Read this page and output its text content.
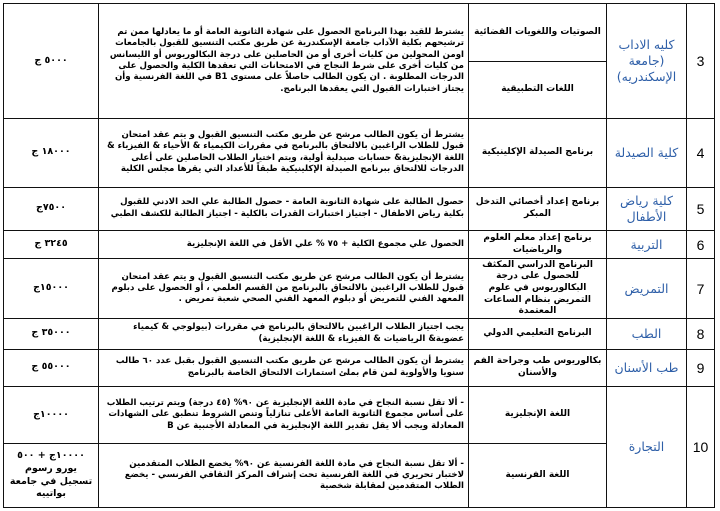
3	كليه الاداب (جامعة الإسكندريه)	الصوتيات واللغويات القضائية
اللغات التطبيقية	يشترط للقيد بهذا البرنامج الحصول على شهادة الثانوية العامة أو ما يعادلها ممن تم ترشيحهم بكلية الآداب جامعة الإسكندرية عن طريق مكتب التنسيق للقبول بالجامعات اومن المحولين من كليات أخرى أو من الحاصلين على درجة البكالوريوس أو الليسانس من كليات أخرى على شرط النجاح في الامتحانات التي تعقدها الكلية والحصول على الدرجات المطلوبة . ان يكون الطالب حاصلاً على مستوى B1 في اللغة الفرنسية وأن يجتاز اختبارات القبول التي يعقدها البرنامج.	٥٠٠٠ ج
4	كلية الصيدلة	برنامج الصيدلة الإكلينيكية	يشترط أن يكون الطالب مرشح عن طريق مكتب التنسيق القبول و يتم عقد امتحان قبول للطلاب الراغبين بالالتحاق بالبرنامج في مقررات الكيمياء & الأحياء & الفيزياء & اللغة الإنجليزية& حسابات صيدلية أولية، ويتم اختيار الطلاب الحاصلين على أعلى الدرجات للالتحاق ببرنامج الصيدلة الإكلينيكية طبقاً للأعداد التي يقرها مجلس الكلية	١٨٠٠٠ ج
5	كلية رياض الأطفال	برنامج إعداد أخصائي التدخل المبكر	حصول الطالبة على شهادة الثانوية العامة - حصول الطالبة علي الحد الادني للقبول بكلية رياض الاطفال - اجتياز اختبارات القدرات بالكلية - اجتياز الطالبة للكشف الطبي	٧٥٠٠ج
6	التربية	برنامج إعداد معلم العلوم والرياضيات	الحصول علي مجموع الكلية + ٧٥ % علي الأقل في اللغة الإنجليزية	٣٢٤٥ ج
7	التمريض	البرنامج الدراسي المكثف للحصول على درجة البكالوريوس في علوم التمريض بنظام الساعات المعتمدة	يشترط أن يكون الطالب مرشح عن طريق مكتب التنسيق القبول و يتم عقد امتحان قبول للطلاب الراغبين بالالتحاق بالبرنامج من القسم العلمي ، أو الحصول على دبلوم المعهد الفني للتمريض أو دبلوم المعهد الفني الصحي شعبة تمريض .	١٥٠٠٠ج
8	الطب	البرنامج التعليمي الدولي	يجب اجتياز الطلاب الراغبين بالالتحاق بالبرنامج في مقررات (بيولوجي & كيمياء عضوية& الرياضيات & الفيزياء & اللغة الإنجليزية)	٣٥٠٠٠ ج
9	طب الأسنان	بكالوريوس طب وجراحة الفم والأسنان	يشترط أن يكون الطالب مرشح عن طريق مكتب التنسيق القبول بقبل عدد ٦٠ طالب سنويا والأولوية لمن قام بملئ استمارات الالتحاق الخاصة بالبرنامج	٥٥٠٠٠ ج
10	التجارة	اللغة الإنجليزية	- ألا تقل نسبة النجاح في مادة اللغة الإنجليزية عن ٩٠% (٤٥ درجة) ويتم ترتيب الطلاب على أساس مجموع الثانوية العامة الأعلى تنازلياً وتنص الشروط تنطبق على الشهادات المعادلة ويجب ألا يقل تقدير اللغة الإنجليزية في المعادلة الأجنبية عن B	١٠٠٠٠ج
		اللغة الفرنسية	- ألا تقل نسبة النجاح في مادة اللغة الفرنسية عن ٩٠% يخضع الطلاب المتقدمين لاختبار تحريري في اللغة الفرنسية تحت إشراف المركز الثقافي الفرنسي - يخضع الطلاب المتقدمين لمقابلة شخصية	١٠٠٠٠ج + ٥٠٠ يورو رسوم تسجيل في جامعة بواتييه
